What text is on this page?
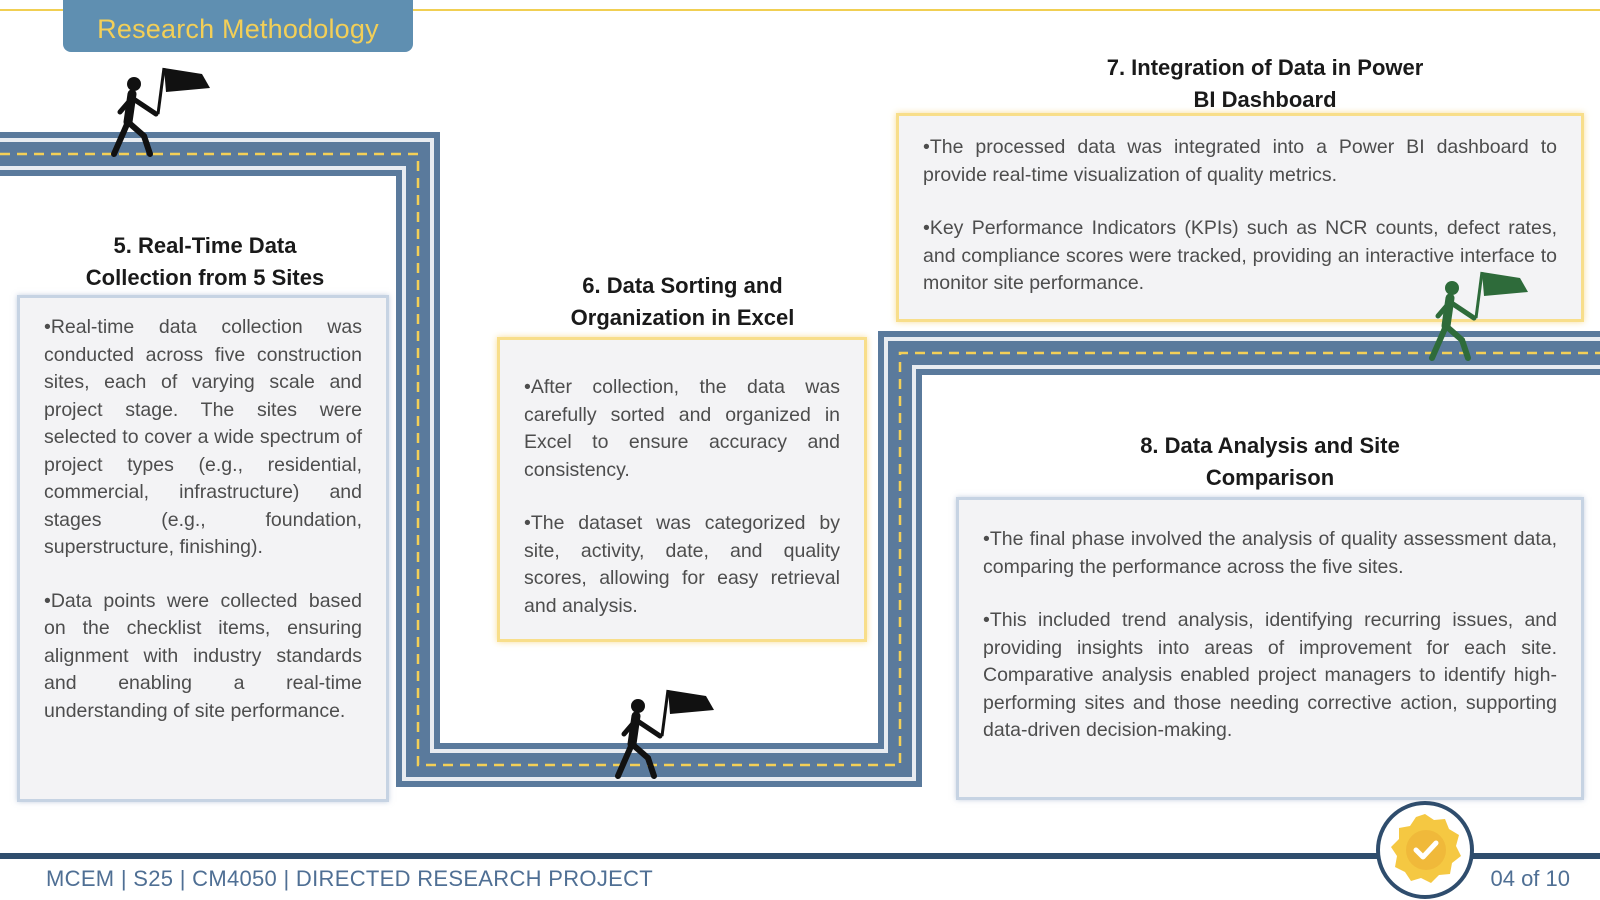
Research Methodology
5. Real-Time Data
Collection from 5 Sites

•Real-time data collection was conducted across five construction sites, each of varying scale and project stage. The sites were selected to cover a wide spectrum of project types (e.g., residential, commercial, infrastructure) and stages (e.g., foundation, superstructure, finishing).

•Data points were collected based on the checklist items, ensuring alignment with industry standards and enabling a real-time understanding of site performance.

6. Data Sorting and
Organization in Excel

•After collection, the data was carefully sorted and organized in Excel to ensure accuracy and consistency.

•The dataset was categorized by site, activity, date, and quality scores, allowing for easy retrieval and analysis.

7. Integration of Data in Power
BI Dashboard

•The processed data was integrated into a Power BI dashboard to provide real-time visualization of quality metrics.

•Key Performance Indicators (KPIs) such as NCR counts, defect rates, and compliance scores were tracked, providing an interactive interface to monitor site performance.

8. Data Analysis and Site
Comparison

•The final phase involved the analysis of quality assessment data, comparing the performance across the five sites.

•This included trend analysis, identifying recurring issues, and providing insights into areas of improvement for each site. Comparative analysis enabled project managers to identify high-performing sites and those needing corrective action, supporting data-driven decision-making.

MCEM | S25 | CM4050 | DIRECTED RESEARCH PROJECT	04 of 10
